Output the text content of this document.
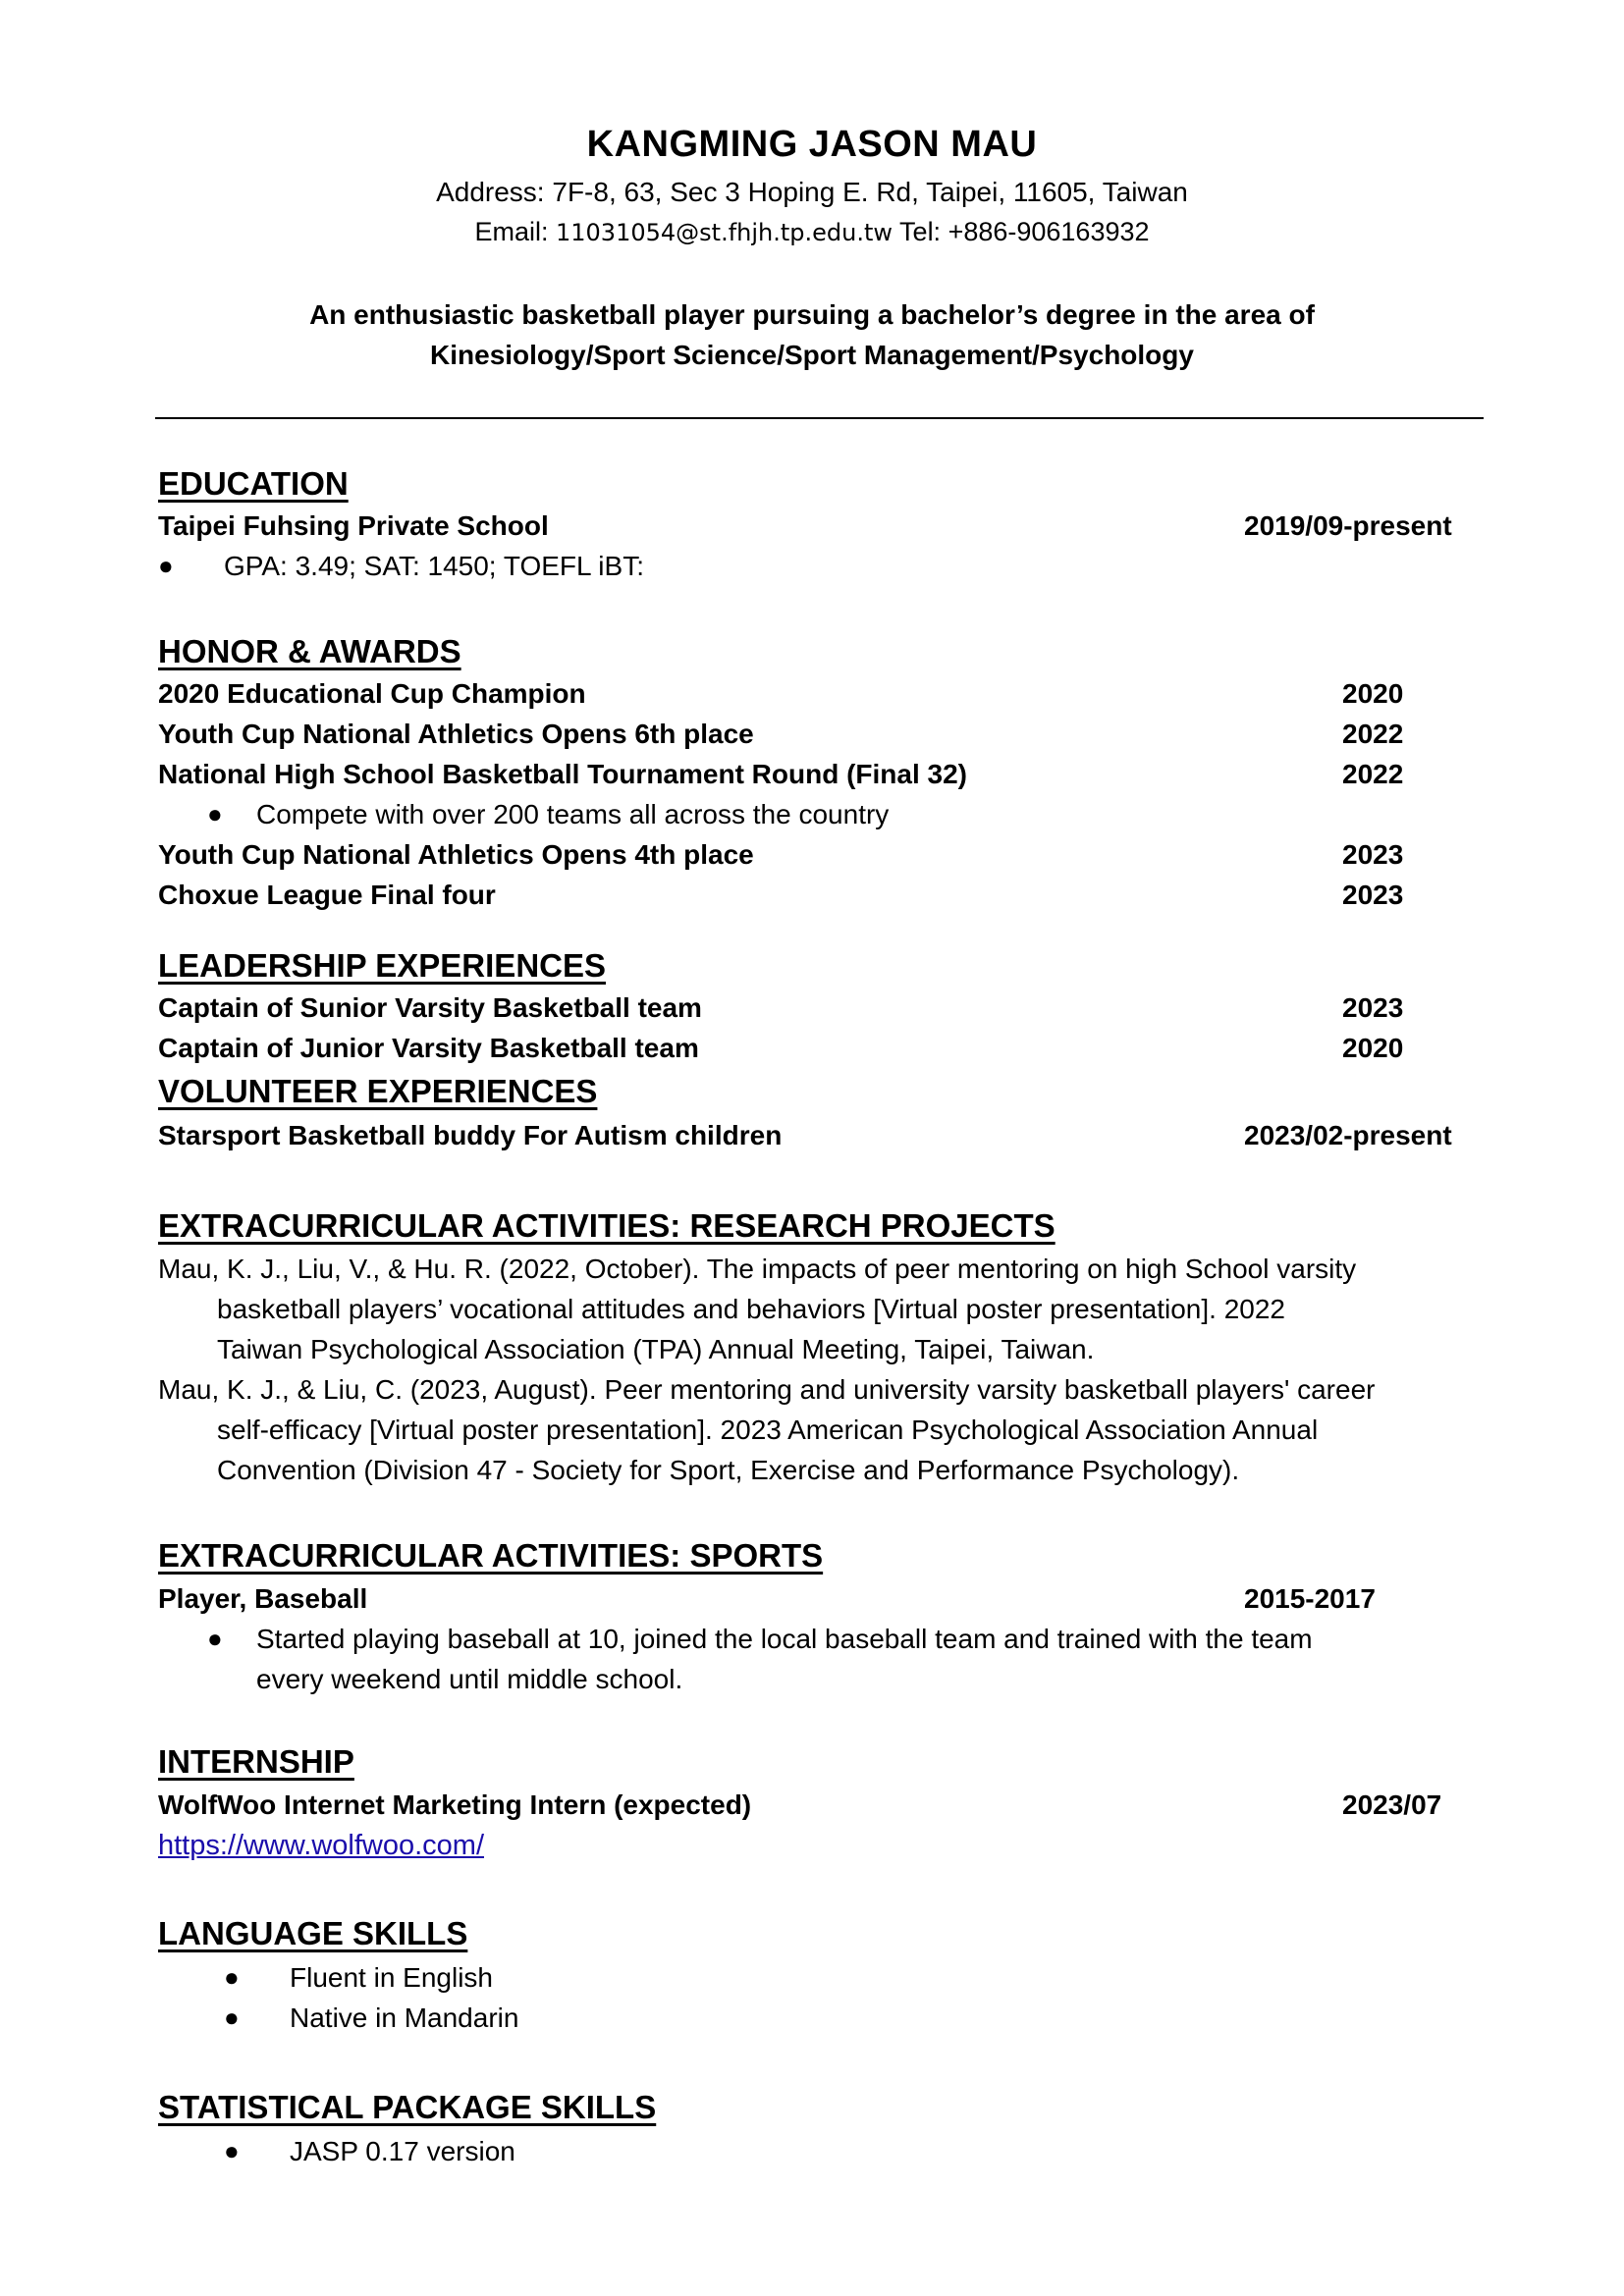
KANGMING JASON MAU
Address: 7F-8, 63, Sec 3 Hoping E. Rd, Taipei, 11605, Taiwan
Email: 11031054@st.fhjh.tp.edu.tw Tel: +886-906163932
An enthusiastic basketball player pursuing a bachelor’s degree in the area of
Kinesiology/Sport Science/Sport Management/Psychology
EDUCATION
Taipei Fuhsing Private School	2019/09-present
● GPA: 3.49; SAT: 1450; TOEFL iBT:
HONOR & AWARDS
2020 Educational Cup Champion	2020
Youth Cup National Athletics Opens 6th place	2022
National High School Basketball Tournament Round (Final 32)	2022
● Compete with over 200 teams all across the country
Youth Cup National Athletics Opens 4th place	2023
Choxue League Final four	2023
LEADERSHIP EXPERIENCES
Captain of Sunior Varsity Basketball team	2023
Captain of Junior Varsity Basketball team	2020
VOLUNTEER EXPERIENCES
Starsport Basketball buddy For Autism children	2023/02-present
EXTRACURRICULAR ACTIVITIES: RESEARCH PROJECTS
Mau, K. J., Liu, V., & Hu. R. (2022, October). The impacts of peer mentoring on high School varsity
basketball players’ vocational attitudes and behaviors [Virtual poster presentation]. 2022
Taiwan Psychological Association (TPA) Annual Meeting, Taipei, Taiwan.
Mau, K. J., & Liu, C. (2023, August). Peer mentoring and university varsity basketball players' career
self-efficacy [Virtual poster presentation]. 2023 American Psychological Association Annual
Convention (Division 47 - Society for Sport, Exercise and Performance Psychology).
EXTRACURRICULAR ACTIVITIES: SPORTS
Player, Baseball	2015-2017
● Started playing baseball at 10, joined the local baseball team and trained with the team
every weekend until middle school.
INTERNSHIP
WolfWoo Internet Marketing Intern (expected)	2023/07
https://www.wolfwoo.com/
LANGUAGE SKILLS
● Fluent in English
● Native in Mandarin
STATISTICAL PACKAGE SKILLS
● JASP 0.17 version
